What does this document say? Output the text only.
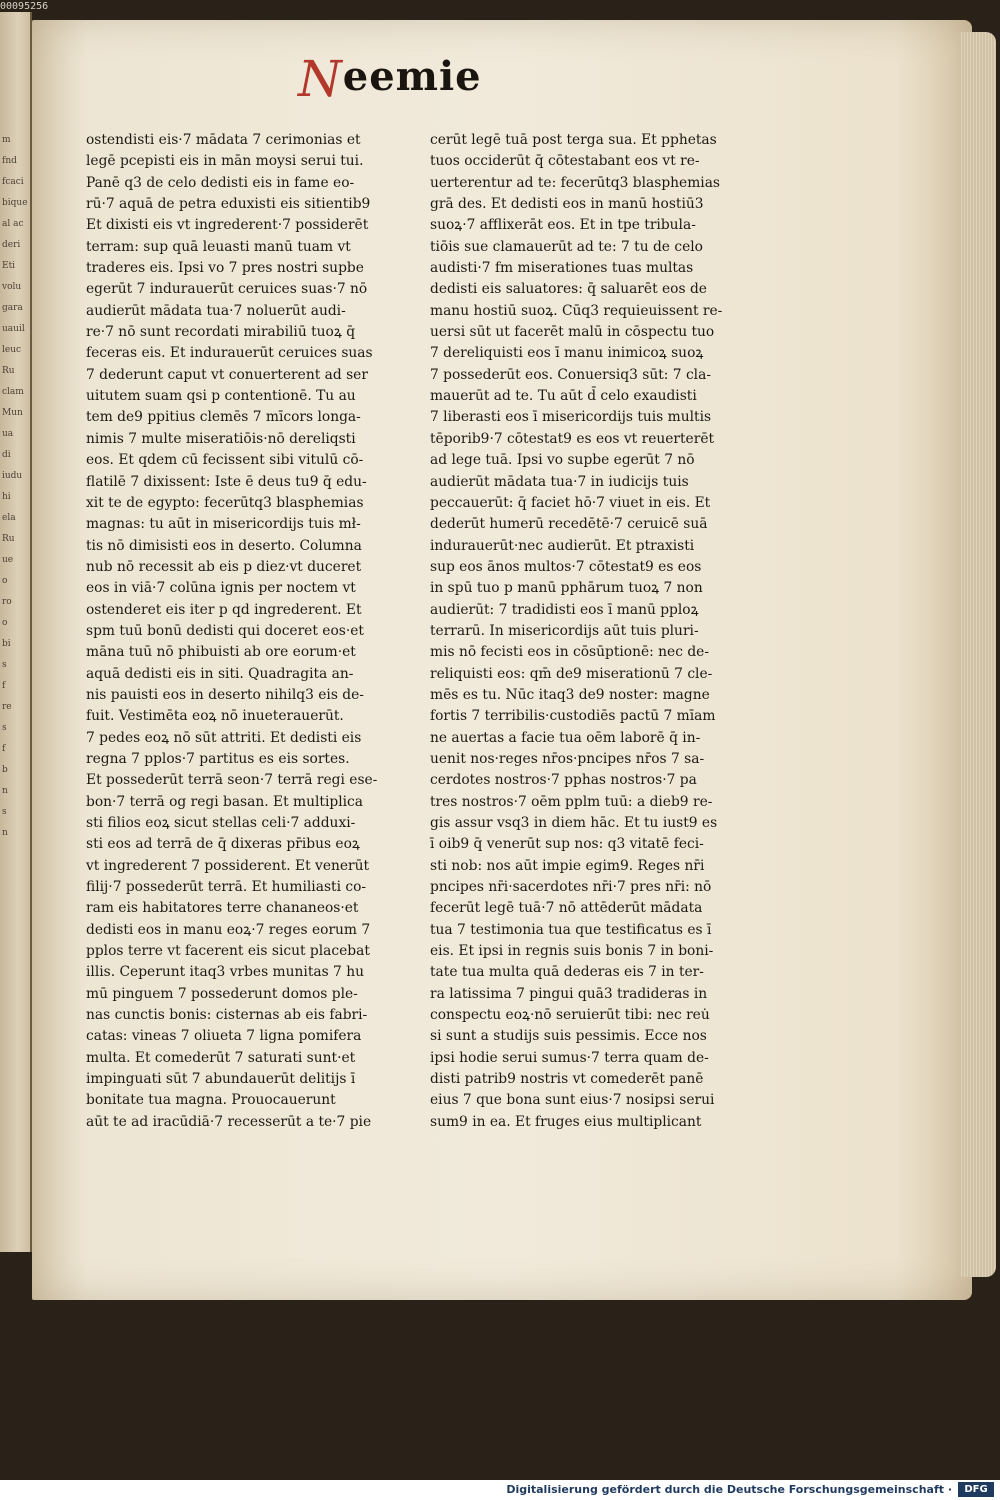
00095256
m
fnd
fcaci
bique
al ac
deri
Eti
volu
gara
uauil
leuc
Ru
clam
Mun
ua
di
iudu
hi
ela
Ru
ue
o
ro
o
bi
s
f
re
s
f
b
n
s
n
Neemie
ostendisti eis·7 mādata 7 cerimonias et
legē pcepisti eis in mān moysi serui tui.
Panē q3 de celo dedisti eis in fame eo-
rū·7 aquā de petra eduxisti eis sitientib9
Et dixisti eis vt ingrederent·7 possiderēt
terram: sup quā leuasti manū tuam vt
traderes eis. Ipsi vo 7 pres nostri supbe
egerūt 7 indurauerūt ceruices suas·7 nō
audierūt mādata tua·7 noluerūt audi-
re·7 nō sunt recordati mirabiliū tuoꝝ q̄
feceras eis. Et indurauerūt ceruices suas
7 dederunt caput vt conuerterent ad ser
uitutem suam qsi p contentionē. Tu au
tem de9 ppitius clemēs 7 mīcors longa-
nimis 7 multe miseratiōis·nō dereliqsti
eos. Et qdem cū fecissent sibi vitulū cō-
flatilē 7 dixissent: Iste ē deus tu9 q̄ edu-
xit te de egypto: fecerūtq3 blasphemias
magnas: tu aūt in misericordijs tuis mł-
tis nō dimisisti eos in deserto. Columna
nub nō recessit ab eis p diez·vt duceret
eos in viā·7 colūna ignis per noctem vt
ostenderet eis iter p qd ingrederent. Et
spm tuū bonū dedisti qui doceret eos·et
māna tuū nō phibuisti ab ore eorum·et
aquā dedisti eis in siti. Quadragita an-
nis pauisti eos in deserto nihilq3 eis de-
fuit. Vestimēta eoꝝ nō inueterauerūt.
7 pedes eoꝝ nō sūt attriti. Et dedisti eis
regna 7 pplos·7 partitus es eis sortes.
Et possederūt terrā seon·7 terrā regi ese-
bon·7 terrā og regi basan. Et multiplica
sti filios eoꝝ sicut stellas celi·7 adduxi-
sti eos ad terrā de q̄ dixeras pr̄ibus eoꝝ
vt ingrederent 7 possiderent. Et venerūt
filij·7 possederūt terrā. Et humiliasti co-
ram eis habitatores terre chananeos·et
dedisti eos in manu eoꝝ·7 reges eorum 7
pplos terre vt facerent eis sicut placebat
illis. Ceperunt itaq3 vrbes munitas 7 hu
mū pinguem 7 possederunt domos ple-
nas cunctis bonis: cisternas ab eis fabri-
catas: vineas 7 oliueta 7 ligna pomifera
multa. Et comederūt 7 saturati sunt·et
impinguati sūt 7 abundauerūt delitijs ī
bonitate tua magna. Prouocauerunt
aūt te ad iracūdiā·7 recesserūt a te·7 pie
cerūt legē tuā post terga sua. Et pphetas
tuos occiderūt q̄ cōtestabant eos vt re-
uerterentur ad te: fecerūtq3 blasphemias
grā des. Et dedisti eos in manū hostiū3
suoꝝ·7 afflixerāt eos. Et in tpe tribula-
tiōis sue clamauerūt ad te: 7 tu de celo
audisti·7 fm miserationes tuas multas
dedisti eis saluatores: q̄ saluarēt eos de
manu hostiū suoꝝ. Cūq3 requieuissent re-
uersi sūt ut facerēt malū in cōspectu tuo
7 dereliquisti eos ī manu inimicoꝝ suoꝝ
7 possederūt eos. Conuersiq3 sūt: 7 cla-
mauerūt ad te. Tu aūt d̄ celo exaudisti
7 liberasti eos ī misericordijs tuis multis
tēporib9·7 cōtestat9 es eos vt reuerterēt
ad lege tuā. Ipsi vo supbe egerūt 7 nō
audierūt mādata tua·7 in iudicijs tuis
peccauerūt: q̄ faciet hō·7 viuet in eis. Et
dederūt humerū recedētē·7 ceruicē suā
indurauerūt·nec audierūt. Et ptraxisti
sup eos ānos multos·7 cōtestat9 es eos
in spū tuo p manū pphārum tuoꝝ 7 non
audierūt: 7 tradidisti eos ī manū pploꝝ
terrarū. In misericordijs aūt tuis pluri-
mis nō fecisti eos in cōsūptionē: nec de-
reliquisti eos: qm̄ de9 miserationū 7 cle-
mēs es tu. Nūc itaq3 de9 noster: magne
fortis 7 terribilis·custodiēs pactū 7 mīam
ne auertas a facie tua oēm laborē q̄ in-
uenit nos·reges nr̄os·pncipes nr̄os 7 sa-
cerdotes nostros·7 pphas nostros·7 pa
tres nostros·7 oēm pplm tuū: a dieb9 re-
gis assur vsq3 in diem hāc. Et tu iust9 es
ī oib9 q̄ venerūt sup nos: q3 vitatē feci-
sti nob: nos aūt impie egim9. Reges nr̄i
pncipes nr̄i·sacerdotes nr̄i·7 pres nr̄i: nō
fecerūt legē tuā·7 nō attēderūt mādata
tua 7 testimonia tua que testificatus es ī
eis. Et ipsi in regnis suis bonis 7 in boni-
tate tua multa quā dederas eis 7 in ter-
ra latissima 7 pingui quā3 tradideras in
conspectu eoꝝ·nō seruierūt tibi: nec reu̇
si sunt a studijs suis pessimis. Ecce nos
ipsi hodie serui sumus·7 terra quam de-
disti patrib9 nostris vt comederēt panē
eius 7 que bona sunt eius·7 nosipsi serui
sum9 in ea. Et fruges eius multiplicant
Digitalisierung gefördert durch die Deutsche Forschungsgemeinschaft ·	DFG
